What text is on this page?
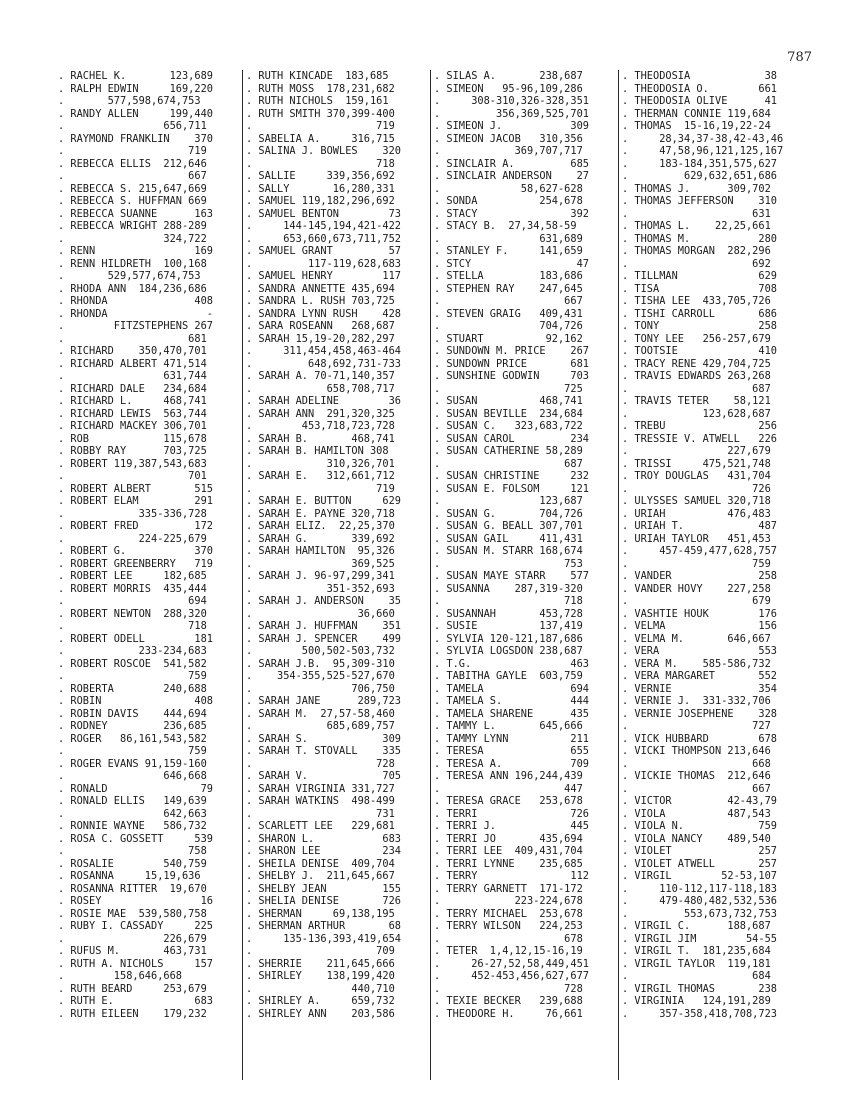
787
. RACHEL K.       123,689
. RALPH EDWIN     169,220
.       577,598,674,753
. RANDY ALLEN     199,440
.                656,711
. RAYMOND FRANKLIN    370
.                    719
. REBECCA ELLIS  212,646
.                    667
. REBECCA S. 215,647,669
. REBECCA S. HUFFMAN 669
. REBECCA SUANNE      163
. REBECCA WRIGHT 288-289
.                324,722
. RENN                169
. RENN HILDRETH  100,168
.       529,577,674,753
. RHODA ANN  184,236,686
. RHONDA              408
. RHONDA                -
.        FITZSTEPHENS 267
.                    681
. RICHARD    350,470,701
. RICHARD ALBERT 471,514
.                631,744
. RICHARD DALE   234,684
. RICHARD L.     468,741
. RICHARD LEWIS  563,744
. RICHARD MACKEY 306,701
. ROB            115,678
. ROBBY RAY      703,725
. ROBERT 119,387,543,683
.                    701
. ROBERT ALBERT       515
. ROBERT ELAM         291
.            335-336,728
. ROBERT FRED         172
.            224-225,679
. ROBERT G.           370
. ROBERT GREENBERRY   719
. ROBERT LEE     182,685
. ROBERT MORRIS  435,444
.                    694
. ROBERT NEWTON  288,320
.                    718
. ROBERT ODELL        181
.            233-234,683
. ROBERT ROSCOE  541,582
.                    759
. ROBERTA        240,688
. ROBIN               408
. ROBIN DAVIS    444,694
. RODNEY         236,685
. ROGER   86,161,543,582
.                    759
. ROGER EVANS 91,159-160
.                646,668
. RONALD               79
. RONALD ELLIS   149,639
.                642,663
. RONNIE WAYNE   586,732
. ROSA C. GOSSETT     539
.                    758
. ROSALIE        540,759
. ROSANNA     15,19,636
. ROSANNA RITTER  19,670
. ROSEY                16
. ROSIE MAE  539,580,758
. RUBY I. CASSADY     225
.                226,679
. RUFUS M.       463,731
. RUTH A. NICHOLS     157
.        158,646,668
. RUTH BEARD     253,679
. RUTH E.             683
. RUTH EILEEN    179,232
. RUTH KINCADE  183,685
. RUTH MOSS  178,231,682
. RUTH NICHOLS  159,161
. RUTH SMITH 370,399-400
.                    719
. SABELIA A.     316,715
. SALINA J. BOWLES    320
.                    718
. SALLIE     339,356,692
. SALLY       16,280,331
. SAMUEL 119,182,296,692
. SAMUEL BENTON        73
.     144-145,194,421-422
.     653,660,673,711,752
. SAMUEL GRANT         57
.         117-119,628,683
. SAMUEL HENRY        117
. SANDRA ANNETTE 435,694
. SANDRA L. RUSH 703,725
. SANDRA LYNN RUSH    428
. SARA ROSEANN   268,687
. SARAH 15,19-20,282,297
.     311,454,458,463-464
.         648,692,731-733
. SARAH A. 70-71,140,357
.            658,708,717
. SARAH ADELINE        36
. SARAH ANN  291,320,325
.        453,718,723,728
. SARAH B.       468,741
. SARAH B. HAMILTON 308
.            310,326,701
. SARAH E.   312,661,712
.                    719
. SARAH E. BUTTON     629
. SARAH E. PAYNE 320,718
. SARAH ELIZ.  22,25,370
. SARAH G.       339,692
. SARAH HAMILTON  95,326
.                369,525
. SARAH J. 96-97,299,341
.            351-352,693
. SARAH J. ANDERSON    35
.                 36,660
. SARAH J. HUFFMAN    351
. SARAH J. SPENCER    499
.        500,502-503,732
. SARAH J.B.  95,309-310
.    354-355,525-527,670
.                706,750
. SARAH JANE      289,723
. SARAH M.  27,57-58,460
.            685,689,757
. SARAH S.            309
. SARAH T. STOVALL    335
.                    728
. SARAH V.            705
. SARAH VIRGINIA 331,727
. SARAH WATKINS  498-499
.                    731
. SCARLETT LEE   229,681
. SHARON L.           683
. SHARON LEE          234
. SHEILA DENISE  409,704
. SHELBY J.  211,645,667
. SHELBY JEAN         155
. SHELIA DENISE       726
. SHERMAN     69,138,195
. SHERMAN ARTHUR       68
.     135-136,393,419,654
.                    709
. SHERRIE    211,645,666
. SHIRLEY    138,199,420
.                440,710
. SHIRLEY A.     659,732
. SHIRLEY ANN    203,586
. SILAS A.       238,687
. SIMEON   95-96,109,286
.     308-310,326-328,351
.         356,369,525,701
. SIMEON J.           309
. SIMEON JACOB   310,356
.            369,707,717
. SINCLAIR A.         685
. SINCLAIR ANDERSON    27
.             58,627-628
. SONDA          254,678
. STACY               392
. STACY B.  27,34,58-59
.                631,689
. STANLEY F.     141,659
. STCY                 47
. STELLA         183,686
. STEPHEN RAY    247,645
.                    667
. STEVEN GRAIG   409,431
.                704,726
. STUART          92,162
. SUNDOWN M. PRICE    267
. SUNDOWN PRICE       681
. SUNSHINE GODWIN     703
.                    725
. SUSAN          468,741
. SUSAN BEVILLE  234,684
. SUSAN C.   323,683,722
. SUSAN CAROL         234
. SUSAN CATHERINE 58,289
.                    687
. SUSAN CHRISTINE     232
. SUSAN E. FOLSOM     121
.                123,687
. SUSAN G.       704,726
. SUSAN G. BEALL 307,701
. SUSAN GAIL     411,431
. SUSAN M. STARR 168,674
.                    753
. SUSAN MAYE STARR    577
. SUSANNA    287,319-320
.                    718
. SUSANNAH       453,728
. SUSIE          137,419
. SYLVIA 120-121,187,686
. SYLVIA LOGSDON 238,687
. T.G.                463
. TABITHA GAYLE  603,759
. TAMELA              694
. TAMELA S.           444
. TAMELA SHARENE      435
. TAMMY L.       645,666
. TAMMY LYNN          211
. TERESA              655
. TERESA A.           709
. TERESA ANN 196,244,439
.                    447
. TERESA GRACE   253,678
. TERRI               726
. TERRI J.            445
. TERRI JO       435,694
. TERRI LEE  409,431,704
. TERRI LYNNE    235,685
. TERRY               112
. TERRY GARNETT  171-172
.            223-224,678
. TERRY MICHAEL  253,678
. TERRY WILSON   224,253
.                    678
. TETER  1,4,12,15-16,19
.     26-27,52,58,449,451
.     452-453,456,627,677
.                    728
. TEXIE BECKER   239,688
. THEODORE H.     76,661
. THEODOSIA            38
. THEODOSIA O.        661
. THEODOSIA OLIVE      41
. THERMAN CONNIE 119,684
. THOMAS  15-16,19,22-24
.     28,34,37-38,42-43,46
.     47,58,96,121,125,167
.     183-184,351,575,627
.         629,632,651,686
. THOMAS J.      309,702
. THOMAS JEFFERSON    310
.                    631
. THOMAS L.    22,25,661
. THOMAS M.           280
. THOMAS MORGAN  282,296
.                    692
. TILLMAN             629
. TISA                708
. TISHA LEE  433,705,726
. TISHI CARROLL       686
. TONY                258
. TONY LEE   256-257,679
. TOOTSIE             410
. TRACY RENE 429,704,725
. TRAVIS EDWARDS 263,268
.                    687
. TRAVIS TETER    58,121
.            123,628,687
. TREBU               256
. TRESSIE V. ATWELL   226
.                227,679
. TRISSI     475,521,748
. TROY DOUGLAS   431,704
.                    726
. ULYSSES SAMUEL 320,718
. URIAH          476,483
. URIAH T.            487
. URIAH TAYLOR   451,453
.     457-459,477,628,757
.                    759
. VANDER              258
. VANDER HOVY    227,258
.                    679
. VASHTIE HOUK        176
. VELMA               156
. VELMA M.       646,667
. VERA                553
. VERA M.    585-586,732
. VERA MARGARET       552
. VERNIE              354
. VERNIE J.  331-332,706
. VERNIE JOSEPHENE    328
.                    727
. VICK HUBBARD        678
. VICKI THOMPSON 213,646
.                    668
. VICKIE THOMAS  212,646
.                    667
. VICTOR         42-43,79
. VIOLA          487,543
. VIOLA N.            759
. VIOLA NANCY    489,540
. VIOLET              257
. VIOLET ATWELL       257
. VIRGIL        52-53,107
.     110-112,117-118,183
.     479-480,482,532,536
.         553,673,732,753
. VIRGIL C.      188,687
. VIRGIL JIM        54-55
. VIRGIL T.  181,235,684
. VIRGIL TAYLOR  119,181
.                    684
. VIRGIL THOMAS       238
. VIRGINIA   124,191,289
.     357-358,418,708,723
